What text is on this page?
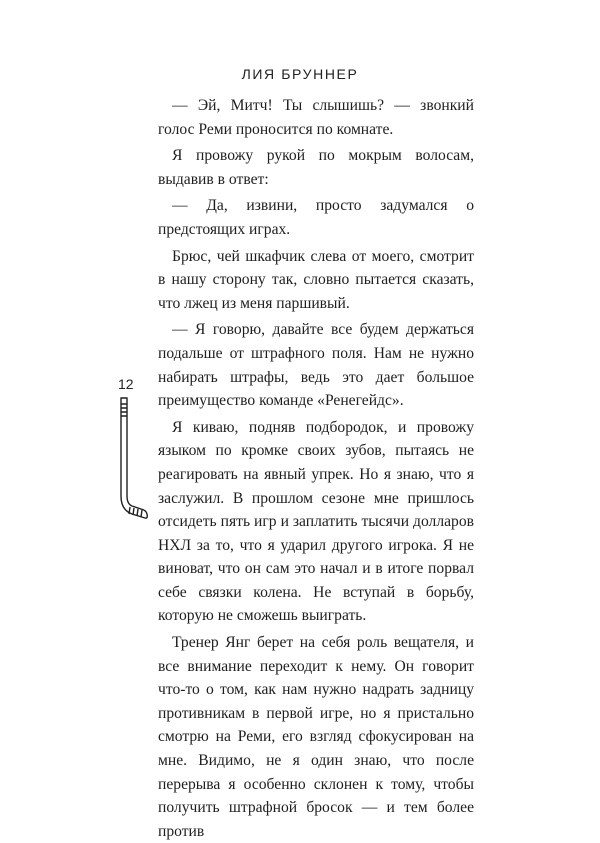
ЛИЯ БРУННЕР

— Эй, Митч! Ты слышишь? — звонкий голос Реми проносится по комнате.

Я провожу рукой по мокрым волосам, выдавив в ответ:

— Да, извини, просто задумался о предстоящих играх.

Брюс, чей шкафчик слева от моего, смотрит в нашу сторону так, словно пытается сказать, что лжец из меня паршивый.

— Я говорю, давайте все будем держаться подальше от штрафного поля. Нам не нужно набирать штрафы, ведь это дает большое преимущество команде «Ренегейдс».

Я киваю, подняв подбородок, и провожу языком по кромке своих зубов, пытаясь не реагировать на явный упрек. Но я знаю, что я заслужил. В прошлом сезоне мне пришлось отсидеть пять игр и заплатить тысячи долларов НХЛ за то, что я ударил другого игрока. Я не виноват, что он сам это начал и в итоге порвал себе связки колена. Не вступай в борьбу, которую не сможешь выиграть.

Тренер Янг берет на себя роль вещателя, и все внимание переходит к нему. Он говорит что-то о том, как нам нужно надрать задницу противникам в первой игре, но я пристально смотрю на Реми, его взгляд сфокусирован на мне. Видимо, не я один знаю, что после перерыва я особенно склонен к тому, чтобы получить штрафной бросок — и тем более против

12
